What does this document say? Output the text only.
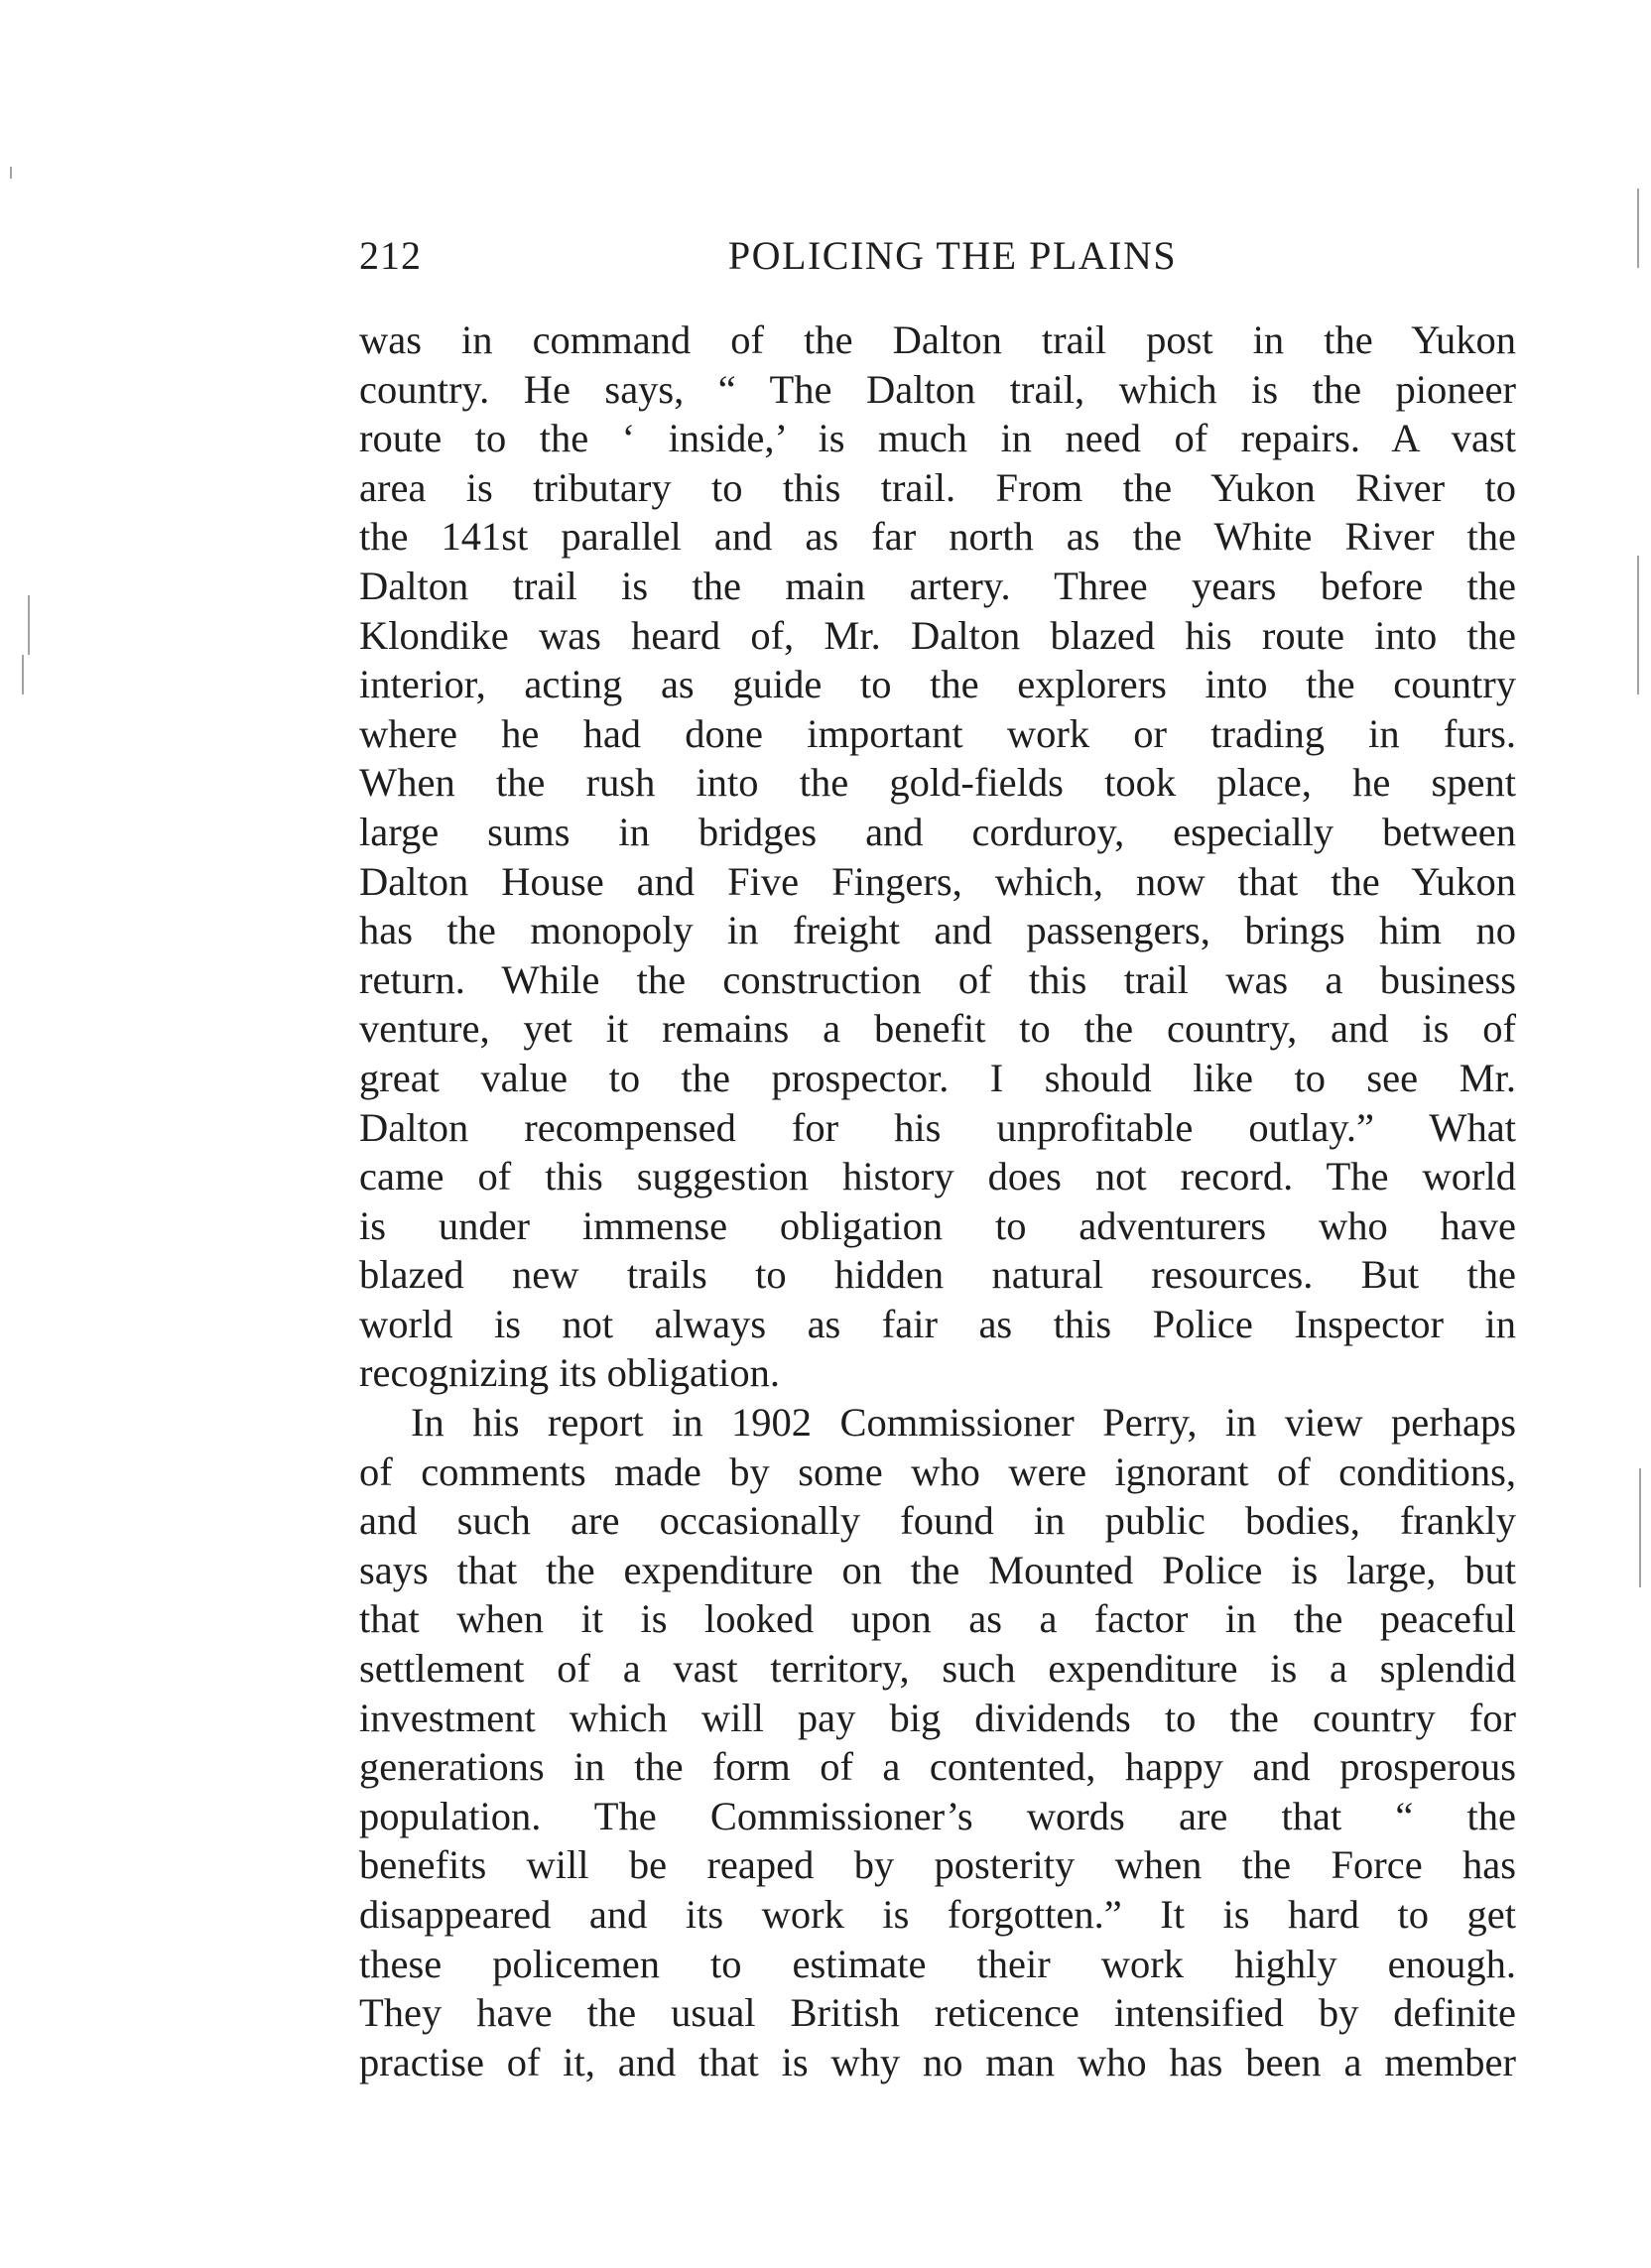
212	POLICING THE PLAINS
was in command of the Dalton trail post in the Yukon
country. He says, “ The Dalton trail, which is the pioneer
route to the ‘ inside,’ is much in need of repairs. A vast
area is tributary to this trail. From the Yukon River to
the 141st parallel and as far north as the White River the
Dalton trail is the main artery. Three years before the
Klondike was heard of, Mr. Dalton blazed his route into the
interior, acting as guide to the explorers into the country
where he had done important work or trading in furs.
When the rush into the gold-fields took place, he spent
large sums in bridges and corduroy, especially between
Dalton House and Five Fingers, which, now that the Yukon
has the monopoly in freight and passengers, brings him no
return. While the construction of this trail was a business
venture, yet it remains a benefit to the country, and is of
great value to the prospector. I should like to see Mr.
Dalton recompensed for his unprofitable outlay.” What
came of this suggestion history does not record. The world
is under immense obligation to adventurers who have
blazed new trails to hidden natural resources. But the
world is not always as fair as this Police Inspector in
recognizing its obligation.
In his report in 1902 Commissioner Perry, in view perhaps
of comments made by some who were ignorant of conditions,
and such are occasionally found in public bodies, frankly
says that the expenditure on the Mounted Police is large, but
that when it is looked upon as a factor in the peaceful
settlement of a vast territory, such expenditure is a splendid
investment which will pay big dividends to the country for
generations in the form of a contented, happy and prosperous
population. The Commissioner’s words are that “ the
benefits will be reaped by posterity when the Force has
disappeared and its work is forgotten.” It is hard to get
these policemen to estimate their work highly enough.
They have the usual British reticence intensified by definite
practise of it, and that is why no man who has been a member
